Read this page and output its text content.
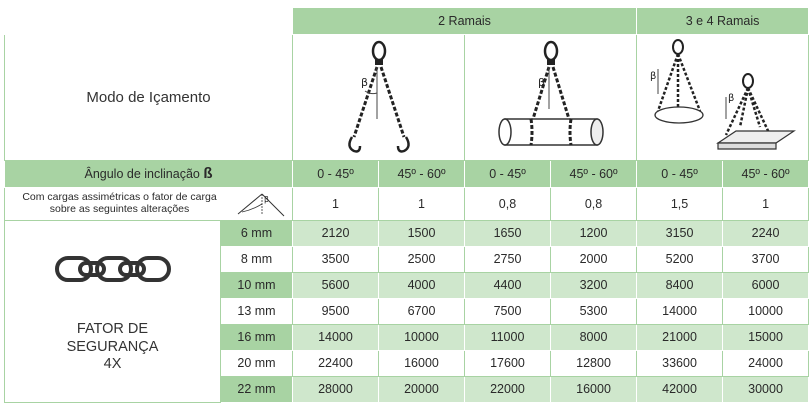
		2 Ramais				3 e 4 Ramais	
Modo de Içamento		β		β		β
β	

Ângulo de inclinação ß		0 - 45º	45º - 60º	0 - 45º	45º - 60º	0 - 45º	45º - 60º

Com cargas assimétricas o fator de carga
sobre as seguintes alterações
β		1	1	0,8	0,8	1,5	1

FATOR DE
SEGURANÇA
4X	6 mm	2120	1500	1650	1200	3150	2240
	8 mm	3500	2500	2750	2000	5200	3700
	10 mm	5600	4000	4400	3200	8400	6000
	13 mm	9500	6700	7500	5300	14000	10000
	16 mm	14000	10000	11000	8000	21000	15000
	20 mm	22400	16000	17600	12800	33600	24000
	22 mm	28000	20000	22000	16000	42000	30000
